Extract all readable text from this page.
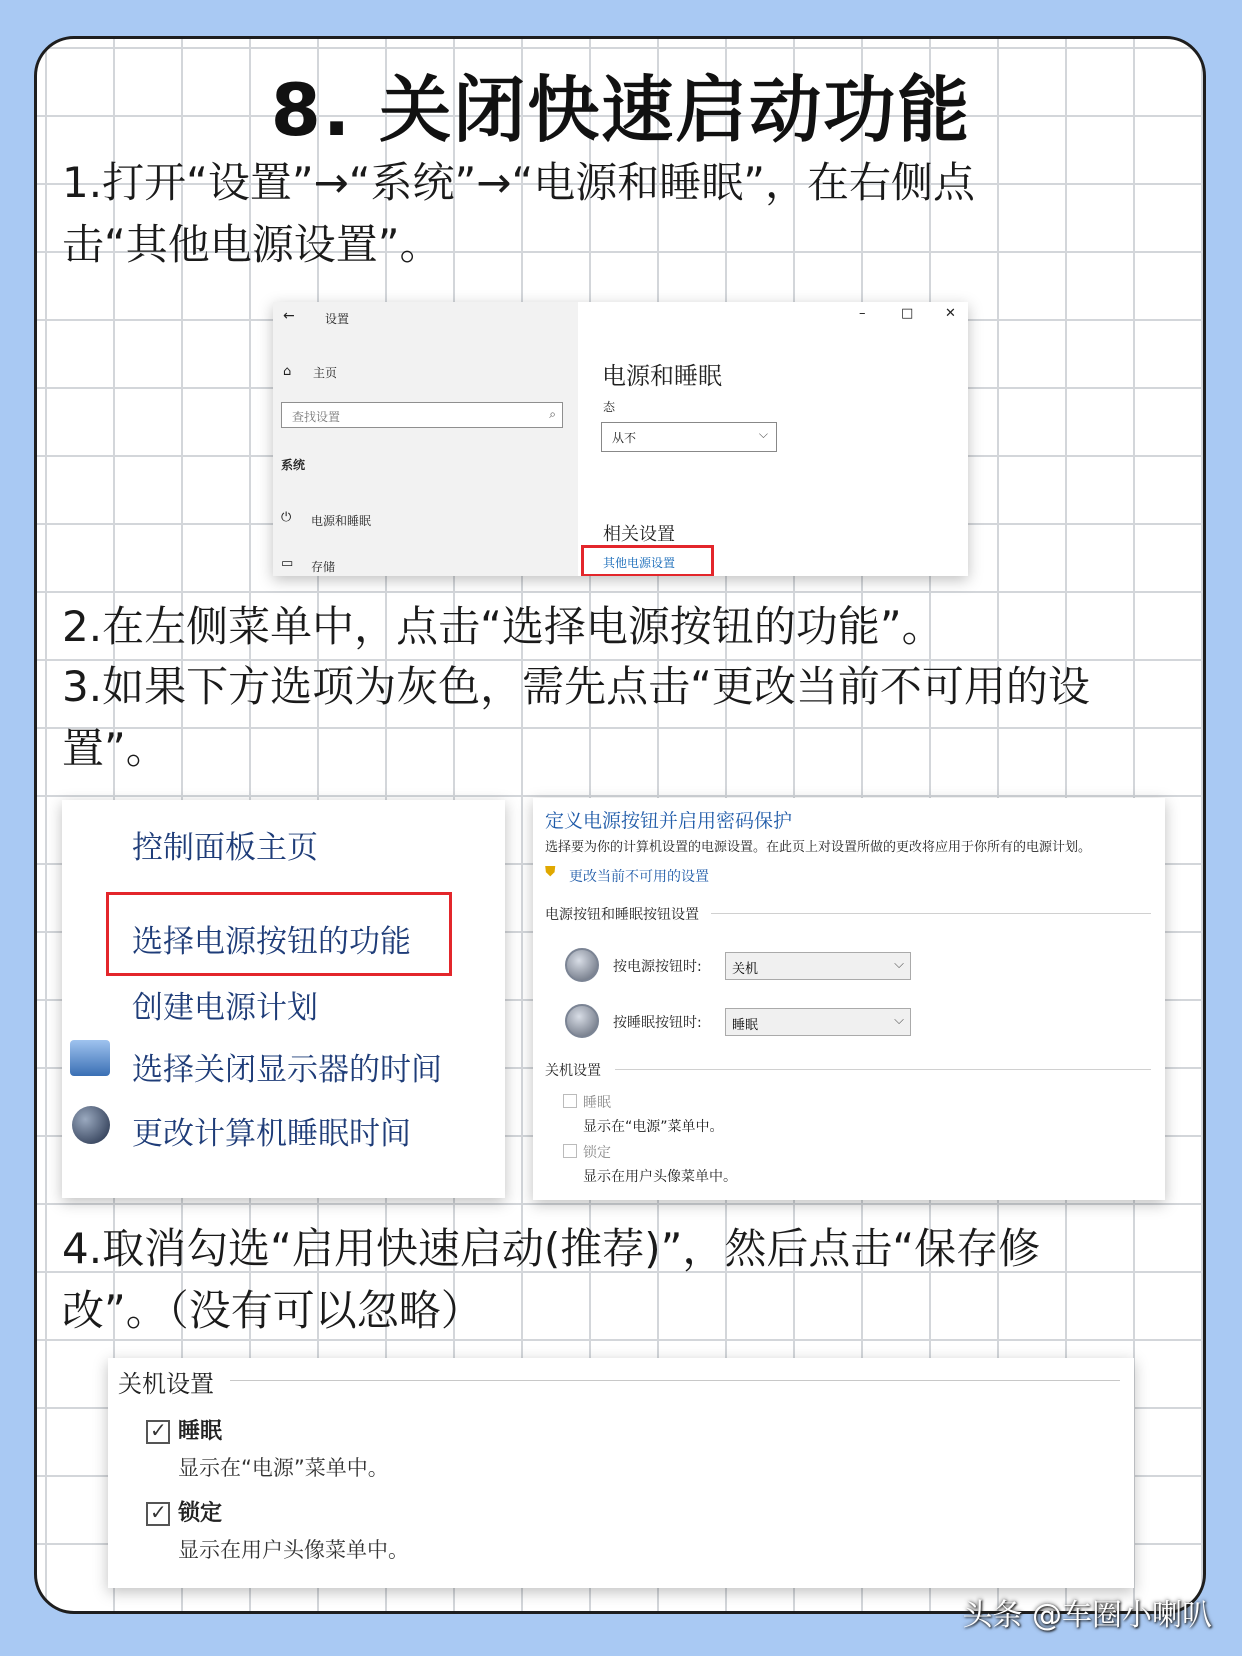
8. 关闭快速启动功能
1.打开“设置”→“系统”→“电源和睡眠”，在右侧点
击“其他电源设置”。
←	设置	–	□ ✕
⌂ 主页
查找设置	⌕
系统
⏻ 电源和睡眠
▭ 存储
电源和睡眠
态
从不	⌵
相关设置
其他电源设置
2.在左侧菜单中，点击“选择电源按钮的功能”。
3.如果下方选项为灰色，需先点击“更改当前不可用的设
置”。
控制面板主页
选择电源按钮的功能
创建电源计划
选择关闭显示器的时间
更改计算机睡眠时间
定义电源按钮并启用密码保护
选择要为你的计算机设置的电源设置。在此页上对设置所做的更改将应用于你所有的电源计划。
⛊ 更改当前不可用的设置
电源按钮和睡眠按钮设置
按电源按钮时:	关机	⌵
按睡眠按钮时:	睡眠	⌵
关机设置
睡眠
显示在“电源”菜单中。
锁定
显示在用户头像菜单中。
4.取消勾选“启用快速启动(推荐)”，然后点击“保存修
改”。（没有可以忽略）
关机设置
✓ 睡眠
显示在“电源”菜单中。
✓ 锁定
显示在用户头像菜单中。
头条 @车圈小喇叭
